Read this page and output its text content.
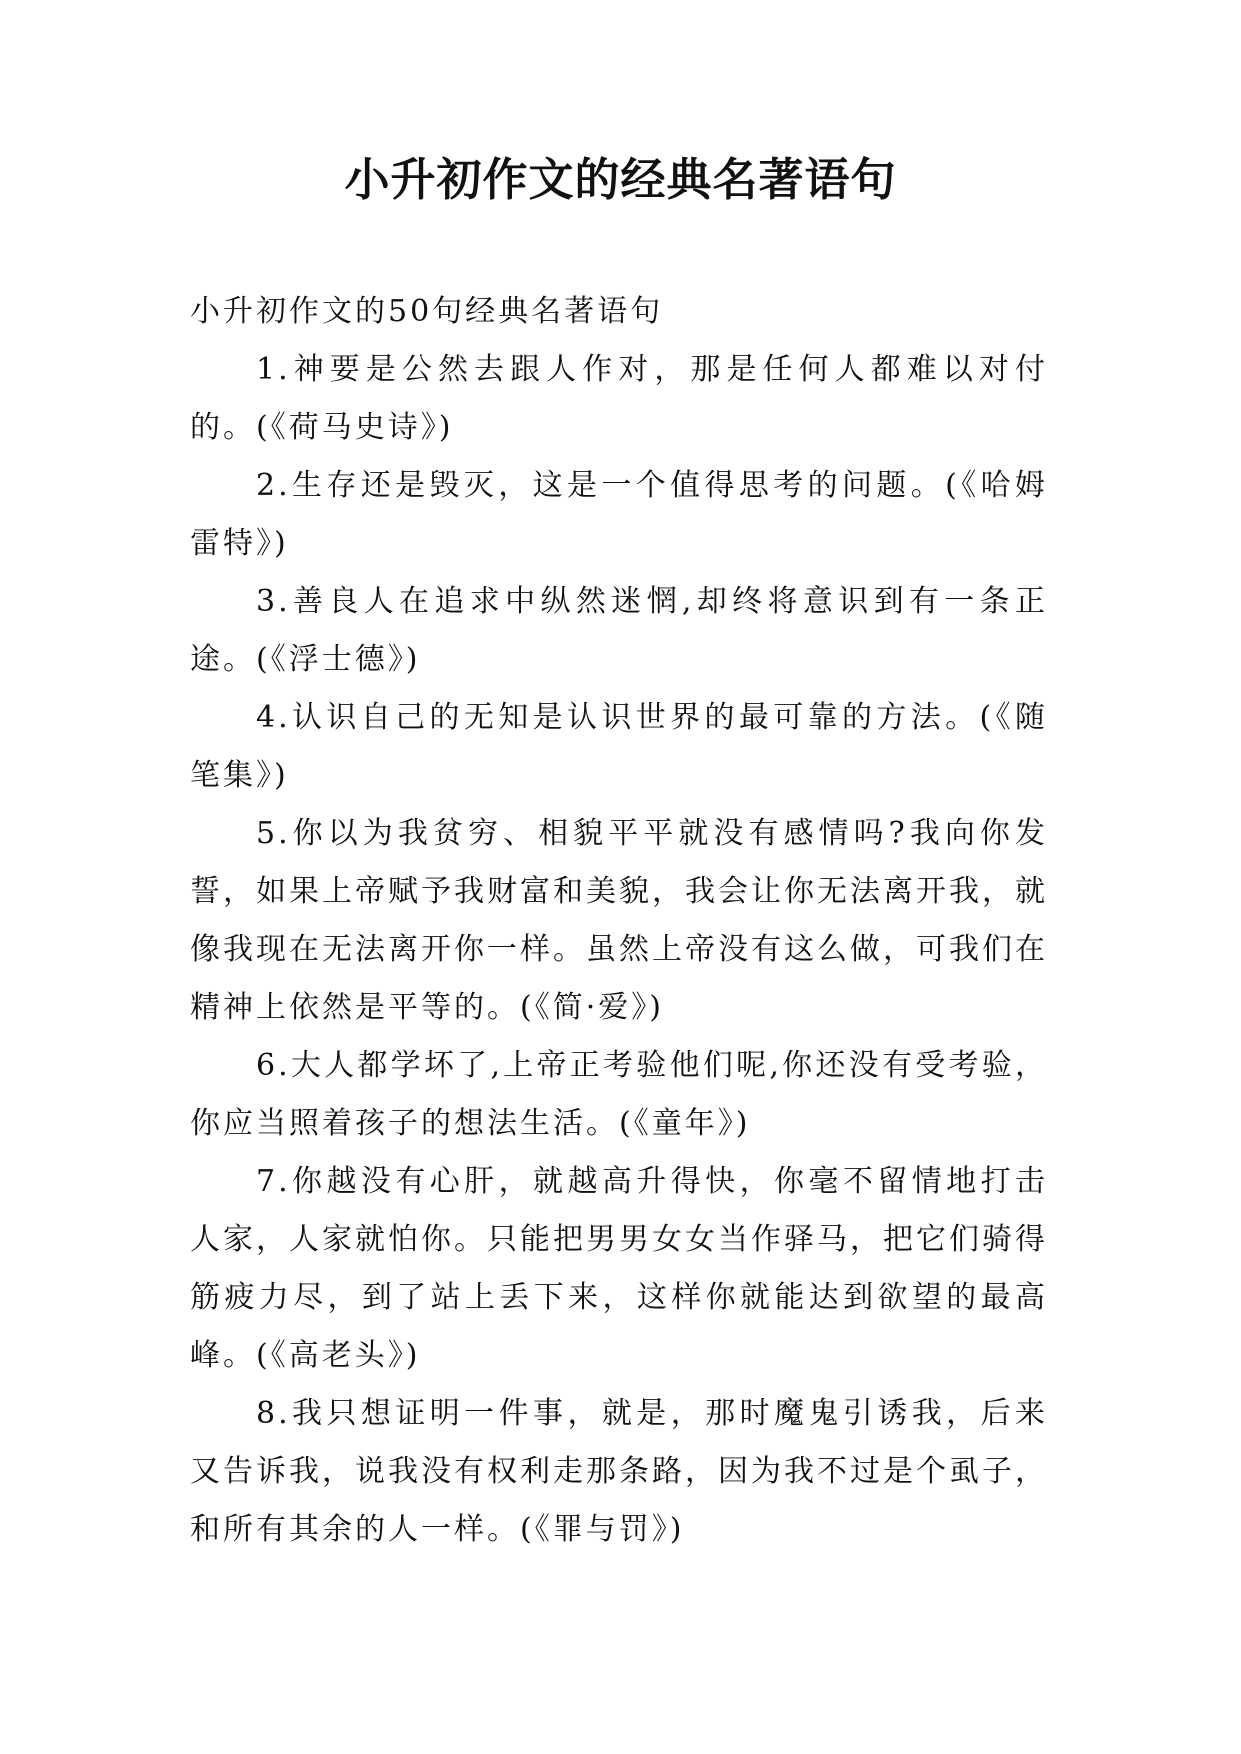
小升初作文的经典名著语句

小升初作文的50句经典名著语句

1.神要是公然去跟人作对，那是任何人都难以对付的。(《荷马史诗》)

2.生存还是毁灭，这是一个值得思考的问题。(《哈姆雷特》)

3.善良人在追求中纵然迷惘,却终将意识到有一条正途。(《浮士德》)

4.认识自己的无知是认识世界的最可靠的方法。(《随笔集》)

5.你以为我贫穷、相貌平平就没有感情吗?我向你发誓，如果上帝赋予我财富和美貌，我会让你无法离开我，就像我现在无法离开你一样。虽然上帝没有这么做，可我们在精神上依然是平等的。(《简·爱》)

6.大人都学坏了,上帝正考验他们呢,你还没有受考验，你应当照着孩子的想法生活。(《童年》)

7.你越没有心肝，就越高升得快，你毫不留情地打击人家，人家就怕你。只能把男男女女当作驿马，把它们骑得筋疲力尽，到了站上丢下来，这样你就能达到欲望的最高峰。(《高老头》)

8.我只想证明一件事，就是，那时魔鬼引诱我，后来又告诉我，说我没有权利走那条路，因为我不过是个虱子，和所有其余的人一样。(《罪与罚》)
